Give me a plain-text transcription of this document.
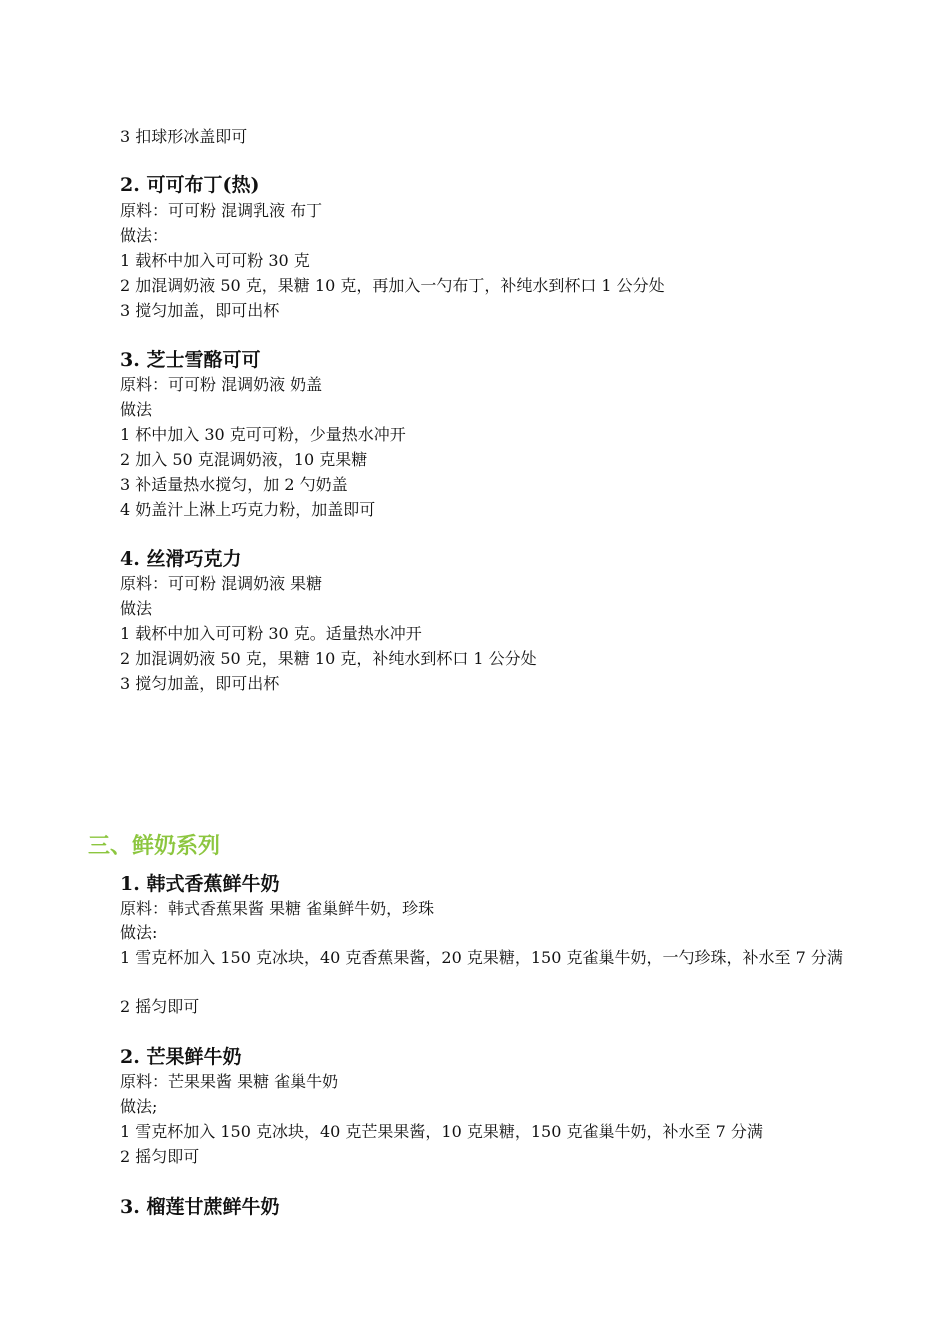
3 扣球形冰盖即可
2. 可可布丁(热)
原料：可可粉 混调乳液 布丁
做法：
1 载杯中加入可可粉 30 克
2 加混调奶液 50 克，果糖 10 克，再加入一勺布丁，补纯水到杯口 1 公分处
3 搅匀加盖，即可出杯
3. 芝士雪酪可可
原料：可可粉 混调奶液 奶盖
做法
1 杯中加入 30 克可可粉，少量热水冲开
2 加入 50 克混调奶液，10 克果糖
3 补适量热水搅匀，加 2 勺奶盖
4 奶盖汁上淋上巧克力粉，加盖即可
4. 丝滑巧克力
原料：可可粉 混调奶液 果糖
做法
1 载杯中加入可可粉 30 克。适量热水冲开
2 加混调奶液 50 克，果糖 10 克，补纯水到杯口 1 公分处
3 搅匀加盖，即可出杯
三、鲜奶系列
1. 韩式香蕉鲜牛奶
原料：韩式香蕉果酱 果糖 雀巢鲜牛奶，珍珠
做法:
1 雪克杯加入 150 克冰块，40 克香蕉果酱，20 克果糖，150 克雀巢牛奶，一勺珍珠，补水至 7 分满
2 摇匀即可
2. 芒果鲜牛奶
原料：芒果果酱 果糖 雀巢牛奶
做法;
1 雪克杯加入 150 克冰块，40 克芒果果酱，10 克果糖，150 克雀巢牛奶，补水至 7 分满
2 摇匀即可
3. 榴莲甘蔗鲜牛奶
